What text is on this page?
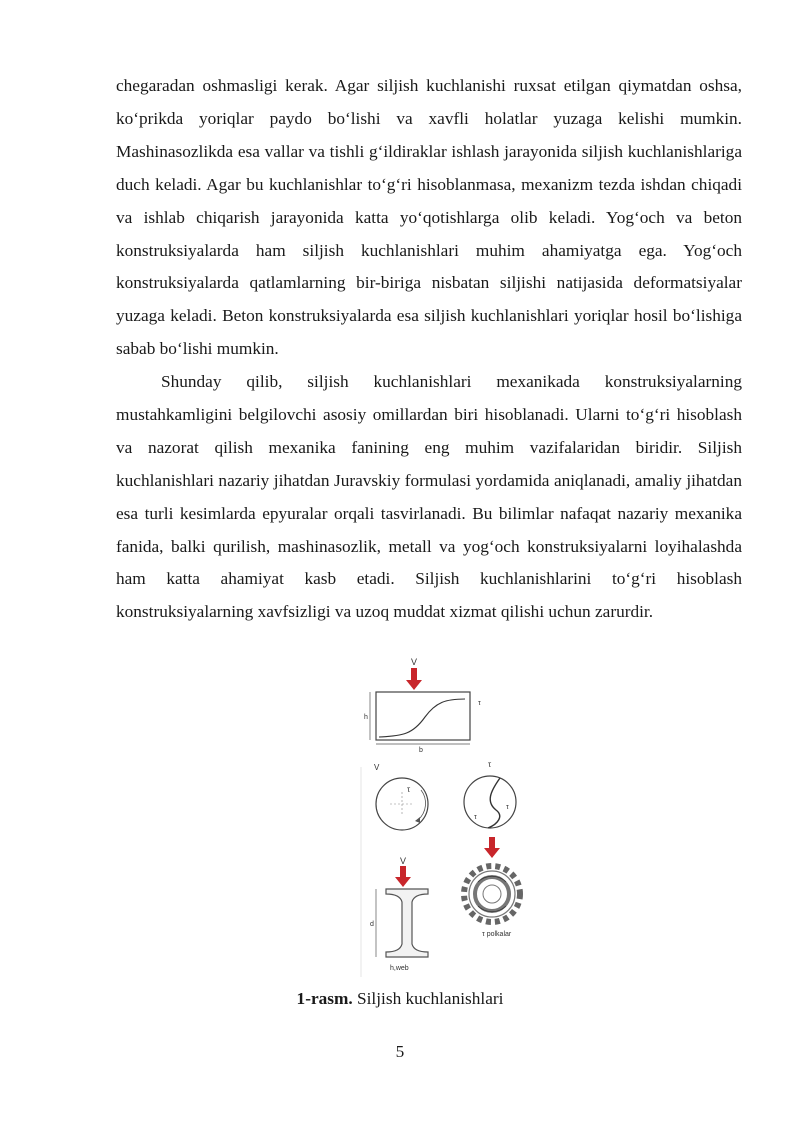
chegaradan oshmasligi kerak. Agar siljish kuchlanishi ruxsat etilgan qiymatdan oshsa, ko‘prikda yoriqlar paydo bo‘lishi va xavfli holatlar yuzaga kelishi mumkin. Mashinasozlikda esa vallar va tishli g‘ildiraklar ishlash jarayonida siljish kuchlanishlariga duch keladi. Agar bu kuchlanishlar to‘g‘ri hisoblanmasa, mexanizm tezda ishdan chiqadi va ishlab chiqarish jarayonida katta yo‘qotishlarga olib keladi. Yog‘och va beton konstruksiyalarda ham siljish kuchlanishlari muhim ahamiyatga ega. Yog‘och konstruksiyalarda qatlamlarning bir-biriga nisbatan siljishi natijasida deformatsiyalar yuzaga keladi. Beton konstruksiyalarda esa siljish kuchlanishlari yoriqlar hosil bo‘lishiga sabab bo‘lishi mumkin.

Shunday qilib, siljish kuchlanishlari mexanikada konstruksiyalarning mustahkamligini belgilovchi asosiy omillardan biri hisoblanadi. Ularni to‘g‘ri hisoblash va nazorat qilish mexanika fanining eng muhim vazifalaridan biridir. Siljish kuchlanishlari nazariy jihatdan Juravskiy formulasi yordamida aniqlanadi, amaliy jihatdan esa turli kesimlarda epyuralar orqali tasvirlanadi. Bu bilimlar nafaqat nazariy mexanika fanida, balki qurilish, mashinasozlik, metall va yog‘och konstruksiyalarni loyihalashda ham katta ahamiyat kasb etadi. Siljish kuchlanishlarini to‘g‘ri hisoblash konstruksiyalarning xavfsizligi va uzoq muddat xizmat qilishi uchun zarurdir.

V
τ
h
b
V
τ
τ
τ
τ
V
d
h,web
τ polkalar

1-rasm. Siljish kuchlanishlari

5
